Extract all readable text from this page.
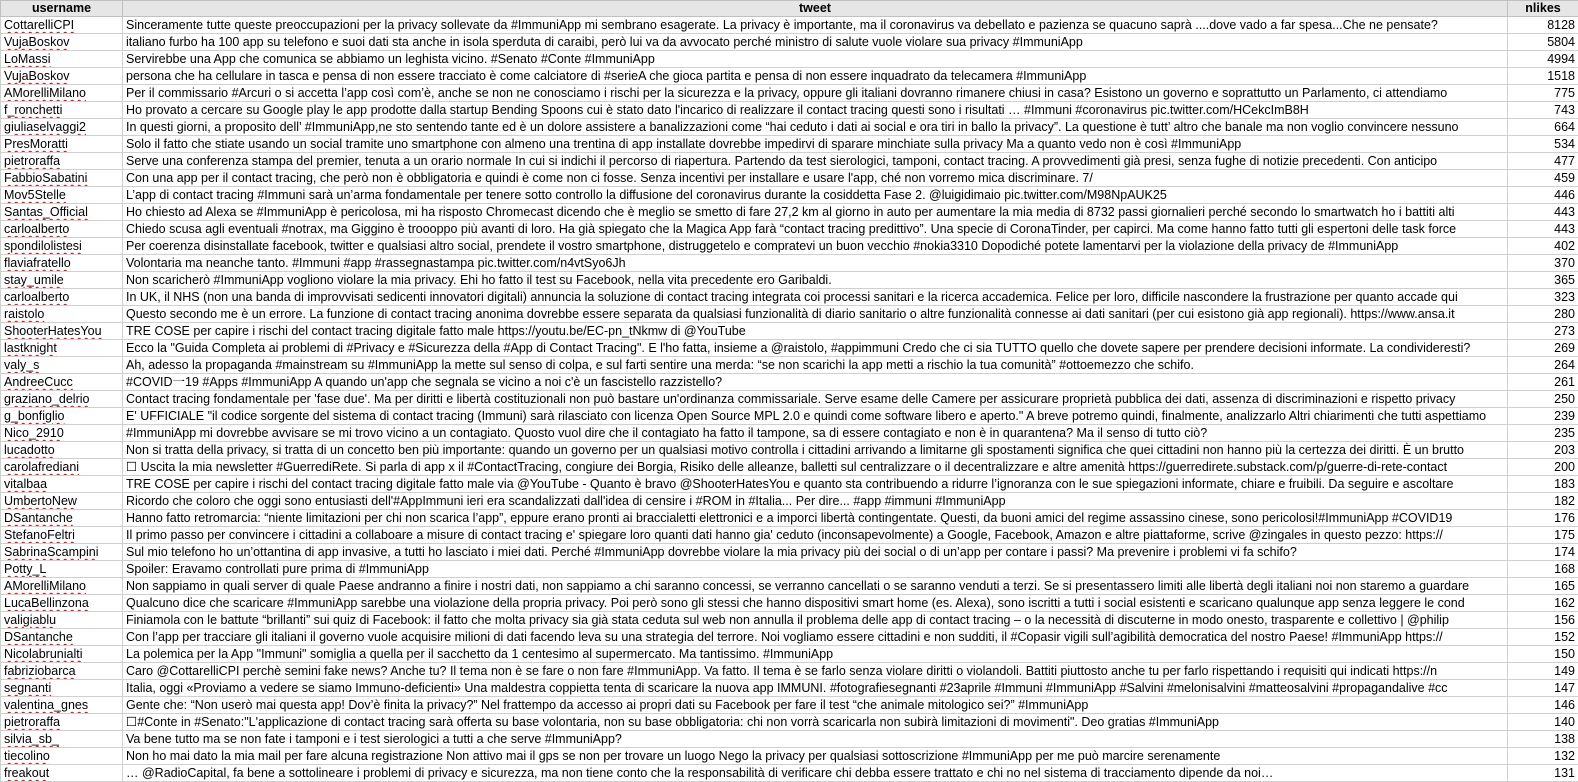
username	tweet	nlikes
CottarelliCPI	Sinceramente tutte queste preoccupazioni per la privacy sollevate da #ImmuniApp mi sembrano esagerate. La privacy è importante, ma il coronavirus va debellato e pazienza se quacuno saprà ....dove vado a far spesa...Che ne pensate?	8128
VujaBoskov	italiano furbo ha 100 app su telefono e suoi dati sta anche in isola sperduta di caraibi, però lui va da avvocato perché ministro di salute vuole violare sua privacy #ImmuniApp	5804
LoMassi	Servirebbe una App che comunica se abbiamo un leghista vicino. #Senato #Conte #ImmuniApp	4994
VujaBoskov	persona che ha cellulare in tasca e pensa di non essere tracciato è come calciatore di #serieA che gioca partita e pensa di non essere inquadrato da telecamera #ImmuniApp	1518
AMorelliMilano	Per il commissario #Arcuri o si accetta l’app così com’è, anche se non ne conosciamo i rischi per la sicurezza e la privacy, oppure gli italiani dovranno rimanere chiusi in casa? Esistono un governo e soprattutto un Parlamento, ci attendiamo	775
f_ronchetti	Ho provato a cercare su Google play le app prodotte dalla startup Bending Spoons cui è stato dato l'incarico di realizzare il contact tracing questi sono i risultati … #Immuni #coronavirus pic.twitter.com/HCekcImB8H	743
giuliaselvaggi2	In questi giorni, a proposito dell’ #ImmuniApp,ne sto sentendo tante ed è un dolore assistere a banalizzazioni come “hai ceduto i dati ai social e ora tiri in ballo la privacy”. La questione è tutt’ altro che banale ma non voglio convincere nessuno	664
PresMoratti	Solo il fatto che stiate usando un social tramite uno smartphone con almeno una trentina di app installate dovrebbe impedirvi di sparare minchiate sulla privacy Ma a quanto vedo non è così #ImmuniApp	534
pietroraffa	Serve una conferenza stampa del premier, tenuta a un orario normale In cui si indichi il percorso di riapertura. Partendo da test sierologici, tamponi, contact tracing. A provvedimenti già presi, senza fughe di notizie precedenti. Con anticipo	477
FabbioSabatini	Con una app per il contact tracing, che però non è obbligatoria e quindi è come non ci fosse. Senza incentivi per installare e usare l'app, ché non vorremo mica discriminare. 7/	459
Mov5Stelle	L’app di contact tracing #Immuni sarà un’arma fondamentale per tenere sotto controllo la diffusione del coronavirus durante la cosiddetta Fase 2. @luigidimaio pic.twitter.com/M98NpAUK25	446
Santas_Official	Ho chiesto ad Alexa se #ImmuniApp è pericolosa, mi ha risposto Chromecast dicendo che è meglio se smetto di fare 27,2 km al giorno in auto per aumentare la mia media di 8732 passi giornalieri perché secondo lo smartwatch ho i battiti alti	443
carloalberto	Chiedo scusa agli eventuali #notrax, ma Giggino è troooppo più avanti di loro. Ha già spiegato che la Magica App farà “contact tracing predittivo”. Una specie di CoronaTinder, per capirci. Ma come hanno fatto tutti gli espertoni delle task force	443
spondilolistesi	Per coerenza disinstallate facebook, twitter e qualsiasi altro social, prendete il vostro smartphone, distruggetelo e compratevi un buon vecchio #nokia3310 Dopodiché potete lamentarvi per la violazione della privacy de #ImmuniApp	402
flaviafratello	Volontaria ma neanche tanto. #Immuni #app #rassegnastampa pic.twitter.com/n4vtSyo6Jh	370
stay_umile	Non scaricherò #ImmuniApp vogliono violare la mia privacy. Ehi ho fatto il test su Facebook, nella vita precedente ero Garibaldi.	365
carloalberto	In UK, il NHS (non una banda di improvvisati sedicenti innovatori digitali) annuncia la soluzione di contact tracing integrata coi processi sanitari e la ricerca accademica. Felice per loro, difficile nascondere la frustrazione per quanto accade qui	323
raistolo	Questo secondo me è un errore. La funzione di contact tracing anonima dovrebbe essere separata da qualsiasi funzionalità di diario sanitario o altre funzionalità connesse ai dati sanitari (per cui esistono già app regionali). https://www.ansa.it	280
ShooterHatesYou	TRE COSE per capire i rischi del contact tracing digitale fatto male https://youtu.be/EC-pn_tNkmw di @YouTube	273
lastknight	Ecco la "Guida Completa ai problemi di #Privacy e #Sicurezza della #App di Contact Tracing". E l'ho fatta, insieme a @raistolo, #appimmuni Credo che ci sia TUTTO quello che dovete sapere per prendere decisioni informate. La condivideresti?	269
valy_s	Ah, adesso la propaganda #mainstream su #ImmuniApp la mette sul senso di colpa, e sul farti sentire una merda: “se non scarichi la app metti a rischio la tua comunità” #ottoemezzo che schifo.	264
AndreeCucc	#COVID一19 #Apps #ImmuniApp A quando un'app che segnala se vicino a noi c'è un fascistello razzistello?	261
graziano_delrio	Contact tracing fondamentale per 'fase due'. Ma per diritti e libertà costituzionali non può bastare un'ordinanza commissariale. Serve esame delle Camere per assicurare proprietà pubblica dei dati, assenza di discriminazioni e rispetto privacy	250
g_bonfiglio	E' UFFICIALE "il codice sorgente del sistema di contact tracing (Immuni) sarà rilasciato con licenza Open Source MPL 2.0 e quindi come software libero e aperto." A breve potremo quindi, finalmente, analizzarlo Altri chiarimenti che tutti aspettiamo	239
Nico_2910	#ImmuniApp mi dovrebbe avvisare se mi trovo vicino a un contagiato. Quosto vuol dire che il contagiato ha fatto il tampone, sa di essere contagiato e non è in quarantena? Ma il senso di tutto ciò?	235
lucadotto	Non si tratta della privacy, si tratta di un concetto ben più importante: quando un governo per un qualsiasi motivo controlla i cittadini arrivando a limitarne gli spostamenti significa che quei cittadini non hanno più la certezza dei diritti. È un brutto	203
carolafrediani	☐ Uscita la mia newsletter #GuerrediRete. Si parla di app x il #ContactTracing, congiure dei Borgia, Risiko delle alleanze, balletti sul centralizzare o il decentralizzare e altre amenità https://guerredirete.substack.com/p/guerre-di-rete-contact	200
vitalbaa	TRE COSE per capire i rischi del contact tracing digitale fatto male via @YouTube - Quanto è bravo @ShooterHatesYou e quanto sta contribuendo a ridurre l’ignoranza con le sue spiegazioni informate, chiare e fruibili. Da seguire e ascoltare	183
UmbertoNew	Ricordo che coloro che oggi sono entusiasti dell'#AppImmuni ieri era scandalizzati dall'idea di censire i #ROM in #Italia... Per dire... #app #immuni #ImmuniApp	182
DSantanche	Hanno fatto retromarcia: “niente limitazioni per chi non scarica l’app”, eppure erano pronti ai braccialetti elettronici e a imporci libertà contingentate. Questi, da buoni amici del regime assassino cinese, sono pericolosi!#ImmuniApp #COVID19	176
StefanoFeltri	Il primo passo per convincere i cittadini a collaboare a misure di contact tracing e' spiegare loro quanti dati hanno gia' ceduto (inconsapevolmente) a Google, Facebook, Amazon e altre piattaforme, scrive @zingales in questo pezzo: https://	175
SabrinaScampini	Sul mio telefono ho un’ottantina di app invasive, a tutti ho lasciato i miei dati. Perché #ImmuniApp dovrebbe violare la mia privacy più dei social o di un’app per contare i passi? Ma prevenire i problemi vi fa schifo?	174
Potty_L	Spoiler: Eravamo controllati pure prima di #ImmuniApp	168
AMorelliMilano	Non sappiamo in quali server di quale Paese andranno a finire i nostri dati, non sappiamo a chi saranno concessi, se verranno cancellati o se saranno venduti a terzi. Se si presentassero limiti alle libertà degli italiani noi non staremo a guardare	165
LucaBellinzona	Qualcuno dice che scaricare #ImmuniApp sarebbe una violazione della propria privacy. Poi però sono gli stessi che hanno dispositivi smart home (es. Alexa), sono iscritti a tutti i social esistenti e scaricano qualunque app senza leggere le cond	162
valigiablu	Finiamola con le battute “brillanti” sui quiz di Facebook: il fatto che molta privacy sia già stata ceduta sul web non annulla il problema delle app di contact tracing – o la necessità di discuterne in modo onesto, trasparente e collettivo | @philip	156
DSantanche	Con l’app per tracciare gli italiani il governo vuole acquisire milioni di dati facendo leva su una strategia del terrore. Noi vogliamo essere cittadini e non sudditi, il #Copasir vigili sull’agibilità democratica del nostro Paese! #ImmuniApp https://	152
Nicolabrunialti	La polemica per la App "Immuni" somiglia a quella per il sacchetto da 1 centesimo al supermercato. Ma tantissimo. #ImmuniApp	150
fabriziobarca	Caro @CottarelliCPI perchè semini fake news? Anche tu? Il tema non è se fare o non fare #ImmuniApp. Va fatto. Il tema è se farlo senza violare diritti o violandoli. Battiti piuttosto anche tu per farlo rispettando i requisiti qui indicati https://n	149
segnanti	Italia, oggi «Proviamo a vedere se siamo Immuno-deficienti» Una maldestra coppietta tenta di scaricare la nuova app IMMUNI. #fotografiesegnanti #23aprile #Immuni #ImmuniApp #Salvini #melonisalvini #matteosalvini #propagandalive #cc	147
valentina_gnes	Gente che: “Non userò mai questa app! Dov’è finita la privacy?” Nel frattempo da accesso ai propri dati su Facebook per fare il test “che animale mitologico sei?” #ImmuniApp	146
pietroraffa	☐#Conte in #Senato:"L'applicazione di contact tracing sarà offerta su base volontaria, non su base obbligatoria: chi non vorrà scaricarla non subirà limitazioni di movimenti". Deo gratias #ImmuniApp	140
silvia_sb_	Va bene tutto ma se non fate i tamponi e i test sierologici a tutti a che serve #ImmuniApp?	138
tiecolino	Non ho mai dato la mia mail per fare alcuna registrazione Non attivo mai il gps se non per trovare un luogo Nego la privacy per qualsiasi sottoscrizione #ImmuniApp per me può marcire serenamente	132
freakout	… @RadioCapital, fa bene a sottolineare i problemi di privacy e sicurezza, ma non tiene conto che la responsabilità di verificare chi debba essere trattato e chi no nel sistema di tracciamento dipende da noi…	131
